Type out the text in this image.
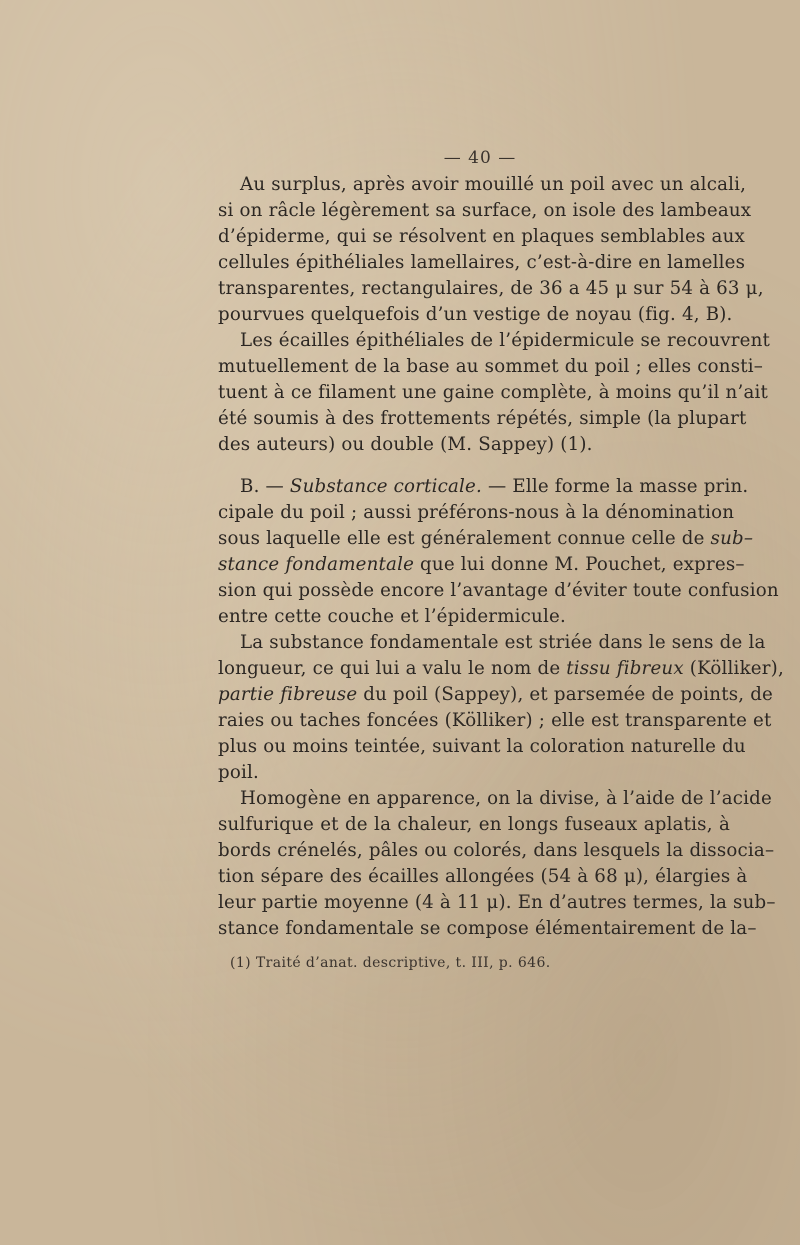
— 40 —
Au surplus, après avoir mouillé un poil avec un alcali,
si on râcle légèrement sa surface, on isole des lambeaux
d’épiderme, qui se résolvent en plaques semblables aux
cellules épithéliales lamellaires, c’est-à-dire en lamelles
transparentes, rectangulaires, de 36 a 45 μ sur 54 à 63 μ,
pourvues quelquefois d’un vestige de noyau (fig. 4, B).
Les écailles épithéliales de l’épidermicule se recouvrent
mutuellement de la base au sommet du poil ; elles consti–
tuent à ce filament une gaine complète, à moins qu’il n’ait
été soumis à des frottements répétés, simple (la plupart
des auteurs) ou double (M. Sappey) (1).
B. — Substance corticale. — Elle forme la masse prin.
cipale du poil ; aussi préférons-nous à la dénomination
sous laquelle elle est généralement connue celle de sub–
stance fondamentale que lui donne M. Pouchet, expres–
sion qui possède encore l’avantage d’éviter toute confusion
entre cette couche et l’épidermicule.
La substance fondamentale est striée dans le sens de la
longueur, ce qui lui a valu le nom de tissu fibreux (Kölliker),
partie fibreuse du poil (Sappey), et parsemée de points, de
raies ou taches foncées (Kölliker) ; elle est transparente et
plus ou moins teintée, suivant la coloration naturelle du
poil.
Homogène en apparence, on la divise, à l’aide de l’acide
sulfurique et de la chaleur, en longs fuseaux aplatis, à
bords crénelés, pâles ou colorés, dans lesquels la dissocia–
tion sépare des écailles allongées (54 à 68 μ), élargies à
leur partie moyenne (4 à 11 μ). En d’autres termes, la sub–
stance fondamentale se compose élémentairement de la–
(1) Traité d’anat. descriptive, t. III, p. 646.
